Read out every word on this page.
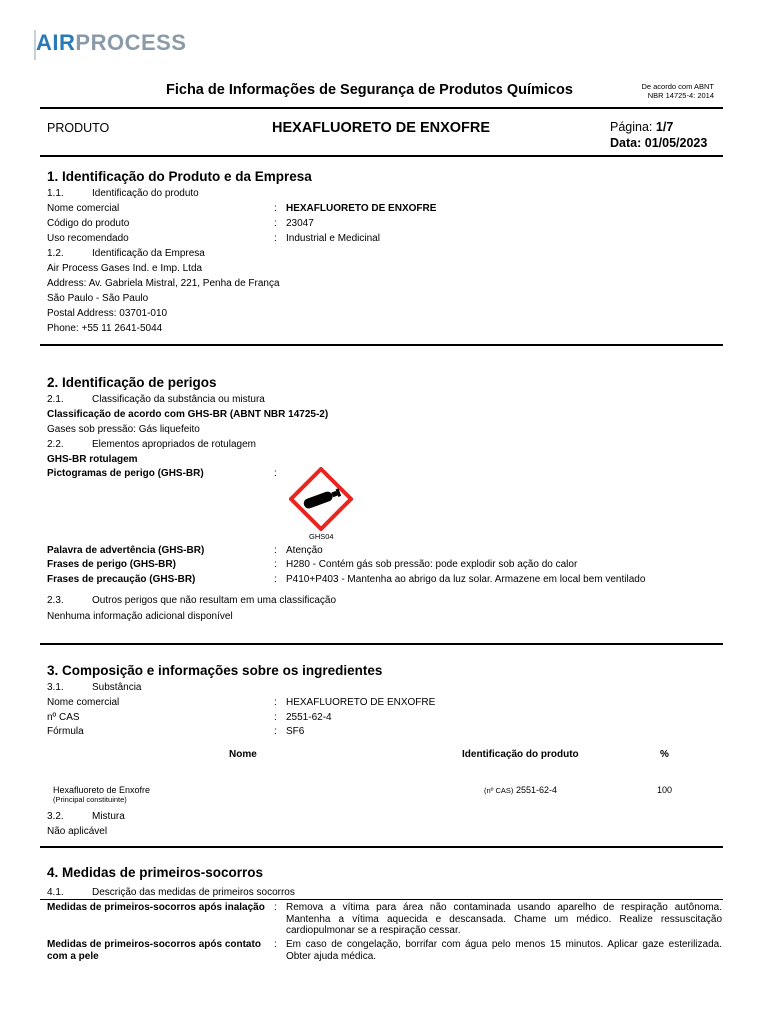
AIR PROCESS
Ficha de Informações de Segurança de Produtos Químicos	De acordo com ABNT
NBR 14725-4: 2014
PRODUTO	HEXAFLUORETO DE ENXOFRE	Página: 1/7
Data: 01/05/2023
1. Identificação do Produto e da Empresa
1.1.	Identificação do produto
Nome comercial	: HEXAFLUORETO DE ENXOFRE
Código do produto	: 23047
Uso recomendado	: Industrial e Medicinal
1.2.	Identificação da Empresa
Air Process Gases Ind. e Imp. Ltda
Address: Av. Gabriela Mistral, 221, Penha de França
São Paulo - São Paulo
Postal Address: 03701-010
Phone: +55 11 2641-5044
2. Identificação de perigos
2.1.	Classificação da substância ou mistura
Classificação de acordo com GHS-BR (ABNT NBR 14725-2)
Gases sob pressão: Gás liquefeito
2.2.	Elementos apropriados de rotulagem
GHS-BR rotulagem
Pictogramas de perigo (GHS-BR)	:
GHS04
Palavra de advertência (GHS-BR)	: Atenção
Frases de perigo (GHS-BR)	: H280 - Contém gás sob pressão: pode explodir sob ação do calor
Frases de precaução (GHS-BR)	: P410+P403 - Mantenha ao abrigo da luz solar. Armazene em local bem ventilado
2.3.	Outros perigos que não resultam em uma classificação
Nenhuma informação adicional disponível
3. Composição e informações sobre os ingredientes
3.1.	Substância
Nome comercial	: HEXAFLUORETO DE ENXOFRE
nº CAS	: 2551-62-4
Fórmula	: SF6
Nome	Identificação do produto	%
Hexafluoreto de Enxofre
(Principal constituinte)
(nº CAS) 2551-62-4	100
3.2.	Mistura
Não aplicável
4. Medidas de primeiros-socorros
4.1.	Descrição das medidas de primeiros socorros
Medidas de primeiros-socorros após inalação : Remova a vítima para área não contaminada usando aparelho de respiração autônoma. Mantenha a vítima aquecida e descansada. Chame um médico. Realize ressuscitação cardiopulmonar se a respiração cessar.
Medidas de primeiros-socorros após contato com a pele
: Em caso de congelação, borrifar com água pelo menos 15 minutos. Aplicar gaze esterilizada. Obter ajuda médica.
